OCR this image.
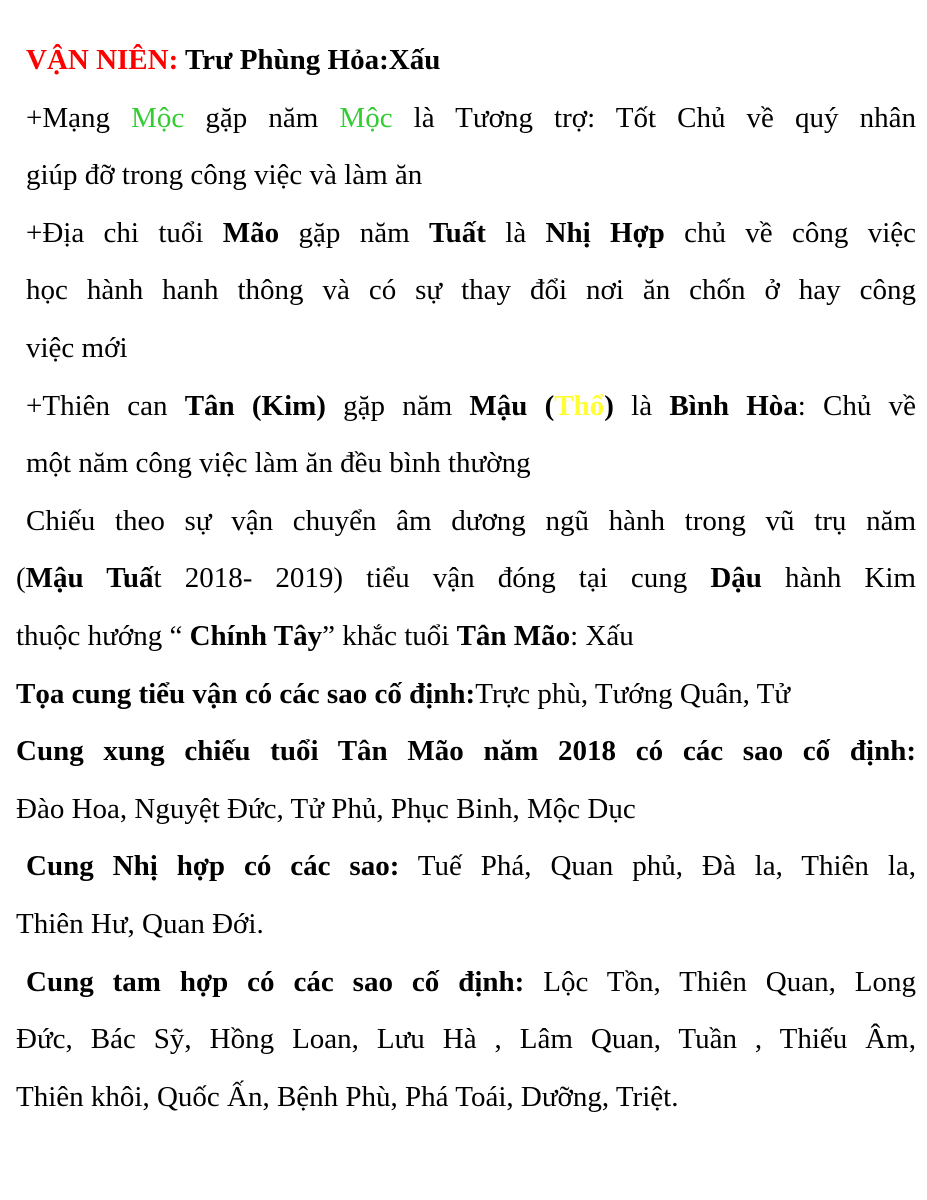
VẬN NIÊN: Trư Phùng Hỏa:Xấu
+Mạng Mộc gặp năm Mộc là Tương trợ: Tốt Chủ về quý nhân
giúp đỡ trong công việc và làm ăn
+Địa chi tuổi Mão gặp năm Tuất là Nhị Hợp chủ về công việc
học hành hanh thông và có sự thay đổi nơi ăn chốn ở hay công
việc mới
+Thiên can Tân (Kim) gặp năm Mậu (Thổ) là Bình Hòa: Chủ về
một năm công việc làm ăn đều bình thường
Chiếu theo sự vận chuyển âm dương ngũ hành trong vũ trụ năm
(Mậu Tuất 2018- 2019) tiểu vận đóng tại cung Dậu hành Kim
thuộc hướng “ Chính Tây” khắc tuổi Tân Mão: Xấu
Tọa cung tiểu vận có các sao cố định:Trực phù, Tướng Quân, Tử
Cung xung chiếu tuổi Tân Mão năm 2018 có các sao cố định:
Đào Hoa, Nguyệt Đức, Tử Phủ, Phục Binh, Mộc Dục
Cung Nhị hợp có các sao: Tuế Phá, Quan phủ, Đà la, Thiên la,
Thiên Hư, Quan Đới.
Cung tam hợp có các sao cố định: Lộc Tồn, Thiên Quan, Long
Đức, Bác Sỹ, Hồng Loan, Lưu Hà , Lâm Quan, Tuần , Thiếu Âm,
Thiên khôi, Quốc Ấn, Bệnh Phù, Phá Toái, Dưỡng, Triệt.
